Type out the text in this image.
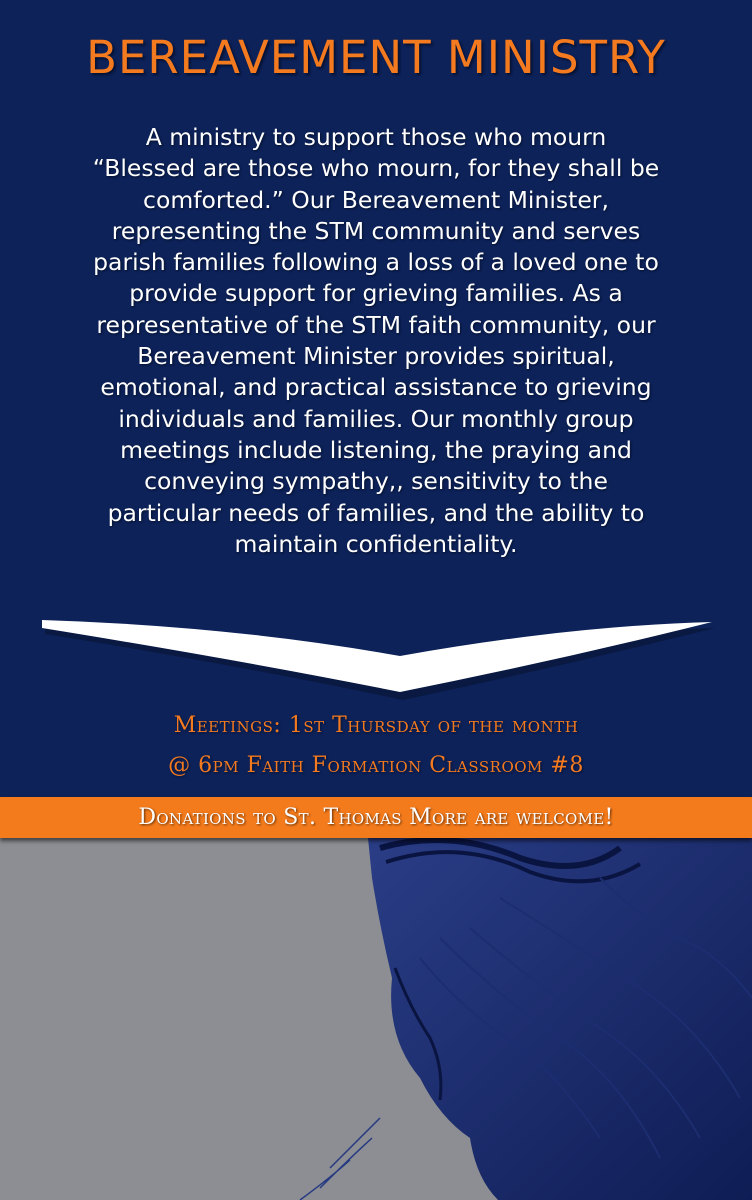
BEREAVEMENT MINISTRY

A ministry to support those who mourn
“Blessed are those who mourn, for they shall be
comforted.” Our Bereavement Minister,
representing the STM community and serves
parish families following a loss of a loved one to
provide support for grieving families. As a
representative of the STM faith community, our
Bereavement Minister provides spiritual,
emotional, and practical assistance to grieving
individuals and families. Our monthly group
meetings include listening, the praying and
conveying sympathy,, sensitivity to the
particular needs of families, and the ability to
maintain confidentiality.

Meetings: 1st Thursday of the month
@ 6pm Faith Formation Classroom #8
Donations to St. Thomas More are welcome!
